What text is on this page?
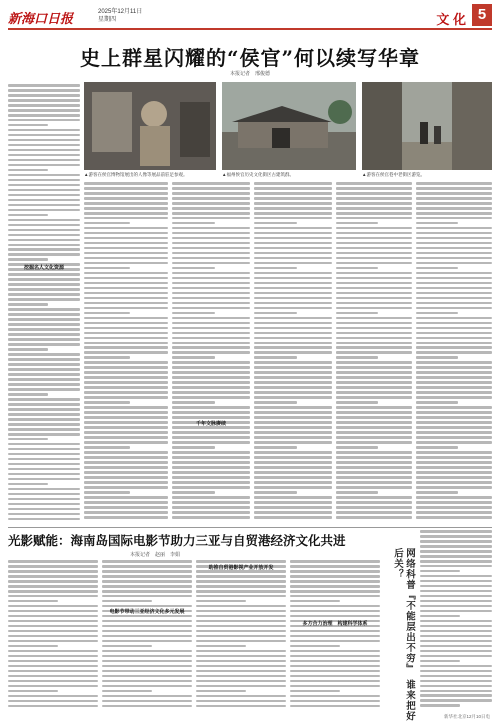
新海口日报	2025年12月11日
星期四	文 化 5
史上群星闪耀的“侯官”何以续写华章
本报记者　邢俊德
▲游客在侯官博物馆展出的人像等展品前驻足参观。	▲福州侯官历史文化街区古建筑群。	▲游客在侯官巷中老街区游览。
挖掘名人文化资源
千年文脉赓续
光影赋能：海南岛国际电影节助力三亚与自贸港经济文化共进
本报记者　赵丽　李娟
电影节带动三亚经济文化多元发展
助推自贸港影视产业开放开发
多方合力治理　构建科学体系	网络科普『不能层出不穷』　谁来把好后关？
新华社北京12月10日电
